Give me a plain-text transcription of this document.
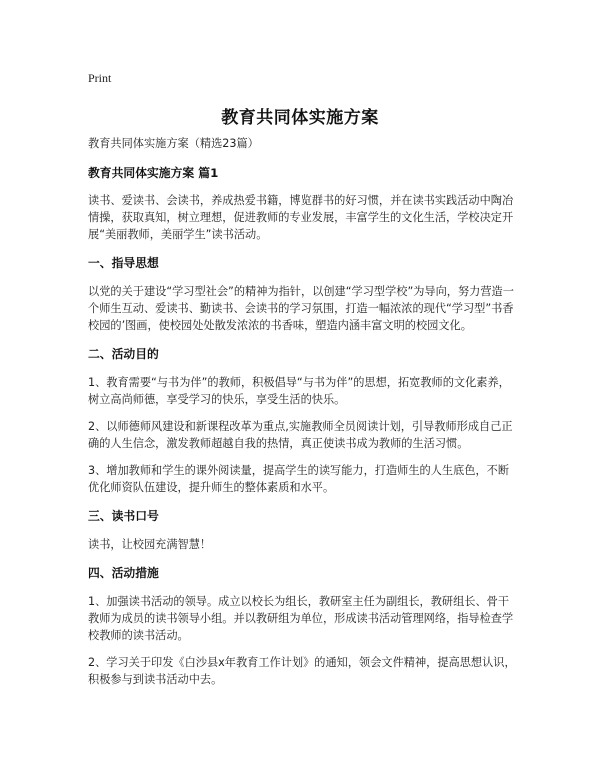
Print
教育共同体实施方案

教育共同体实施方案（精选23篇）

教育共同体实施方案 篇1

读书、爱读书、会读书，养成热爱书籍，博览群书的好习惯，并在读书实践活动中陶冶情操，获取真知，树立理想，促进教师的专业发展，丰富学生的文化生活，学校决定开展“美丽教师，美丽学生”读书活动。

一、指导思想

以党的关于建设“学习型社会”的精神为指针，以创建“学习型学校”为导向，努力营造一个师生互动、爱读书、勤读书、会读书的学习氛围，打造一幅浓浓的现代“学习型”书香校园的’图画，使校园处处散发浓浓的书香味，塑造内涵丰富文明的校园文化。

二、活动目的

1、教育需要“与书为伴”的教师，积极倡导“与书为伴”的思想，拓宽教师的文化素养，树立高尚师德，享受学习的快乐，享受生活的快乐。

2、以师德师风建设和新课程改革为重点,实施教师全员阅读计划，引导教师形成自己正确的人生信念，激发教师超越自我的热情，真正使读书成为教师的生活习惯。

3、增加教师和学生的课外阅读量，提高学生的读写能力，打造师生的人生底色，不断优化师资队伍建设，提升师生的整体素质和水平。

三、读书口号

读书，让校园充满智慧！

四、活动措施

1、加强读书活动的领导。成立以校长为组长，教研室主任为副组长，教研组长、骨干教师为成员的读书领导小组。并以教研组为单位，形成读书活动管理网络，指导检查学校教师的读书活动。

2、学习关于印发《白沙县x年教育工作计划》的通知，领会文件精神，提高思想认识，积极参与到读书活动中去。
